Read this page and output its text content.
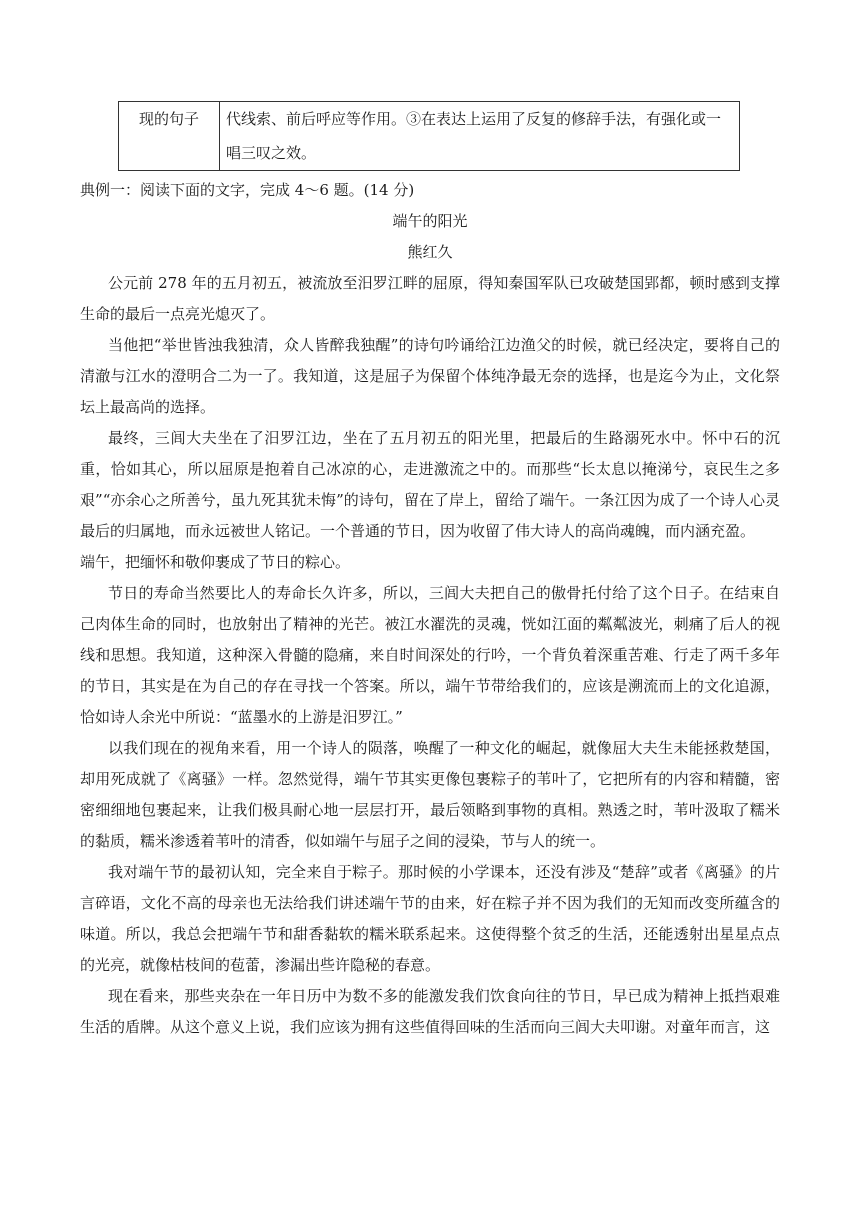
现的句子	代线索、前后呼应等作用。③在表达上运用了反复的修辞手法，有强化或一唱三叹之效。

典例一：阅读下面的文字，完成 4～6 题。(14 分)

端午的阳光

熊红久

公元前 278 年的五月初五，被流放至汨罗江畔的屈原，得知秦国军队已攻破楚国郢都，顿时感到支撑生命的最后一点亮光熄灭了。

当他把“举世皆浊我独清，众人皆醉我独醒”的诗句吟诵给江边渔父的时候，就已经决定，要将自己的清澈与江水的澄明合二为一了。我知道，这是屈子为保留个体纯净最无奈的选择，也是迄今为止，文化祭坛上最高尚的选择。

最终，三闾大夫坐在了汨罗江边，坐在了五月初五的阳光里，把最后的生路溺死水中。怀中石的沉重，恰如其心，所以屈原是抱着自己冰凉的心，走进激流之中的。而那些“长太息以掩涕兮，哀民生之多艰”“亦余心之所善兮，虽九死其犹未悔”的诗句，留在了岸上，留给了端午。一条江因为成了一个诗人心灵最后的归属地，而永远被世人铭记。一个普通的节日，因为收留了伟大诗人的高尚魂魄，而内涵充盈。

端午，把缅怀和敬仰裹成了节日的粽心。

节日的寿命当然要比人的寿命长久许多，所以，三闾大夫把自己的傲骨托付给了这个日子。在结束自己肉体生命的同时，也放射出了精神的光芒。被江水濯洗的灵魂，恍如江面的粼粼波光，刺痛了后人的视线和思想。我知道，这种深入骨髓的隐痛，来自时间深处的行吟，一个背负着深重苦难、行走了两千多年的节日，其实是在为自己的存在寻找一个答案。所以，端午节带给我们的，应该是溯流而上的文化追源，恰如诗人余光中所说：“蓝墨水的上游是汨罗江。”

以我们现在的视角来看，用一个诗人的陨落，唤醒了一种文化的崛起，就像屈大夫生未能拯救楚国，却用死成就了《离骚》一样。忽然觉得，端午节其实更像包裹粽子的苇叶了，它把所有的内容和精髓，密密细细地包裹起来，让我们极具耐心地一层层打开，最后领略到事物的真相。熟透之时，苇叶汲取了糯米的黏质，糯米渗透着苇叶的清香，似如端午与屈子之间的浸染，节与人的统一。

我对端午节的最初认知，完全来自于粽子。那时候的小学课本，还没有涉及“楚辞”或者《离骚》的片言碎语，文化不高的母亲也无法给我们讲述端午节的由来，好在粽子并不因为我们的无知而改变所蕴含的味道。所以，我总会把端午节和甜香黏软的糯米联系起来。这使得整个贫乏的生活，还能透射出星星点点的光亮，就像枯枝间的苞蕾，渗漏出些许隐秘的春意。

现在看来，那些夹杂在一年日历中为数不多的能激发我们饮食向往的节日，早已成为精神上抵挡艰难生活的盾牌。从这个意义上说，我们应该为拥有这些值得回味的生活而向三闾大夫叩谢。对童年而言，这
